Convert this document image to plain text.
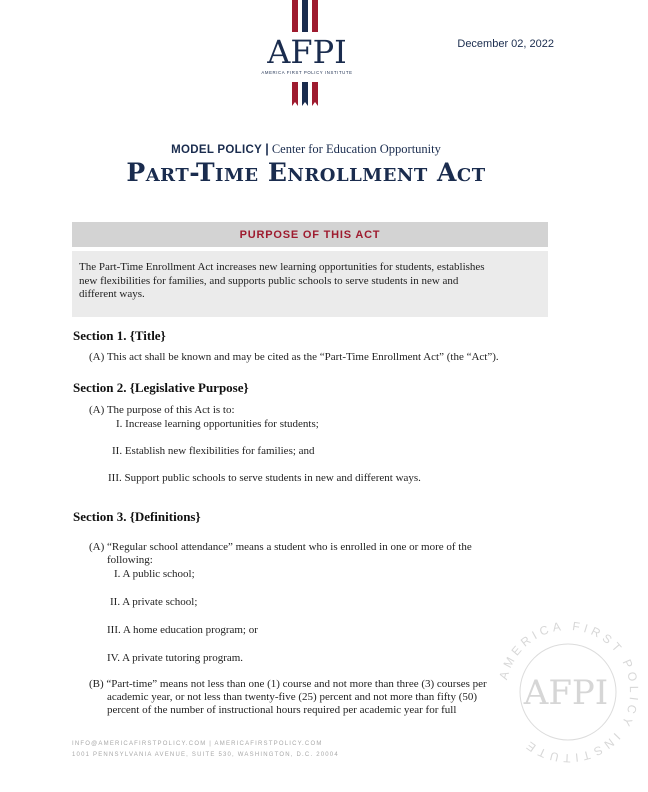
AFPI
AMERICA FIRST POLICY INSTITUTE
December 02, 2022
MODEL POLICY | Center for Education Opportunity
Part-Time Enrollment Act
PURPOSE OF THIS ACT
The Part-Time Enrollment Act increases new learning opportunities for students, establishes
new flexibilities for families, and supports public schools to serve students in new and
different ways.
Section 1. {Title}
(A) This act shall be known and may be cited as the “Part-Time Enrollment Act” (the “Act”).
Section 2. {Legislative Purpose}
(A) The purpose of this Act is to:
I. Increase learning opportunities for students;
II. Establish new flexibilities for families; and
III. Support public schools to serve students in new and different ways.
Section 3. {Definitions}
(A) “Regular school attendance” means a student who is enrolled in one or more of the
following:
I. A public school;
II. A private school;
III. A home education program; or
IV. A private tutoring program.
(B) “Part-time” means not less than one (1) course and not more than three (3) courses per
academic year, or not less than twenty-five (25) percent and not more than fifty (50)
percent of the number of instructional hours required per academic year for full
AMERICA FIRST POLICY INSTITUTE
AFPI
INFO@AMERICAFIRSTPOLICY.COM | AMERICAFIRSTPOLICY.COM
1001 PENNSYLVANIA AVENUE, SUITE 530, WASHINGTON, D.C. 20004
